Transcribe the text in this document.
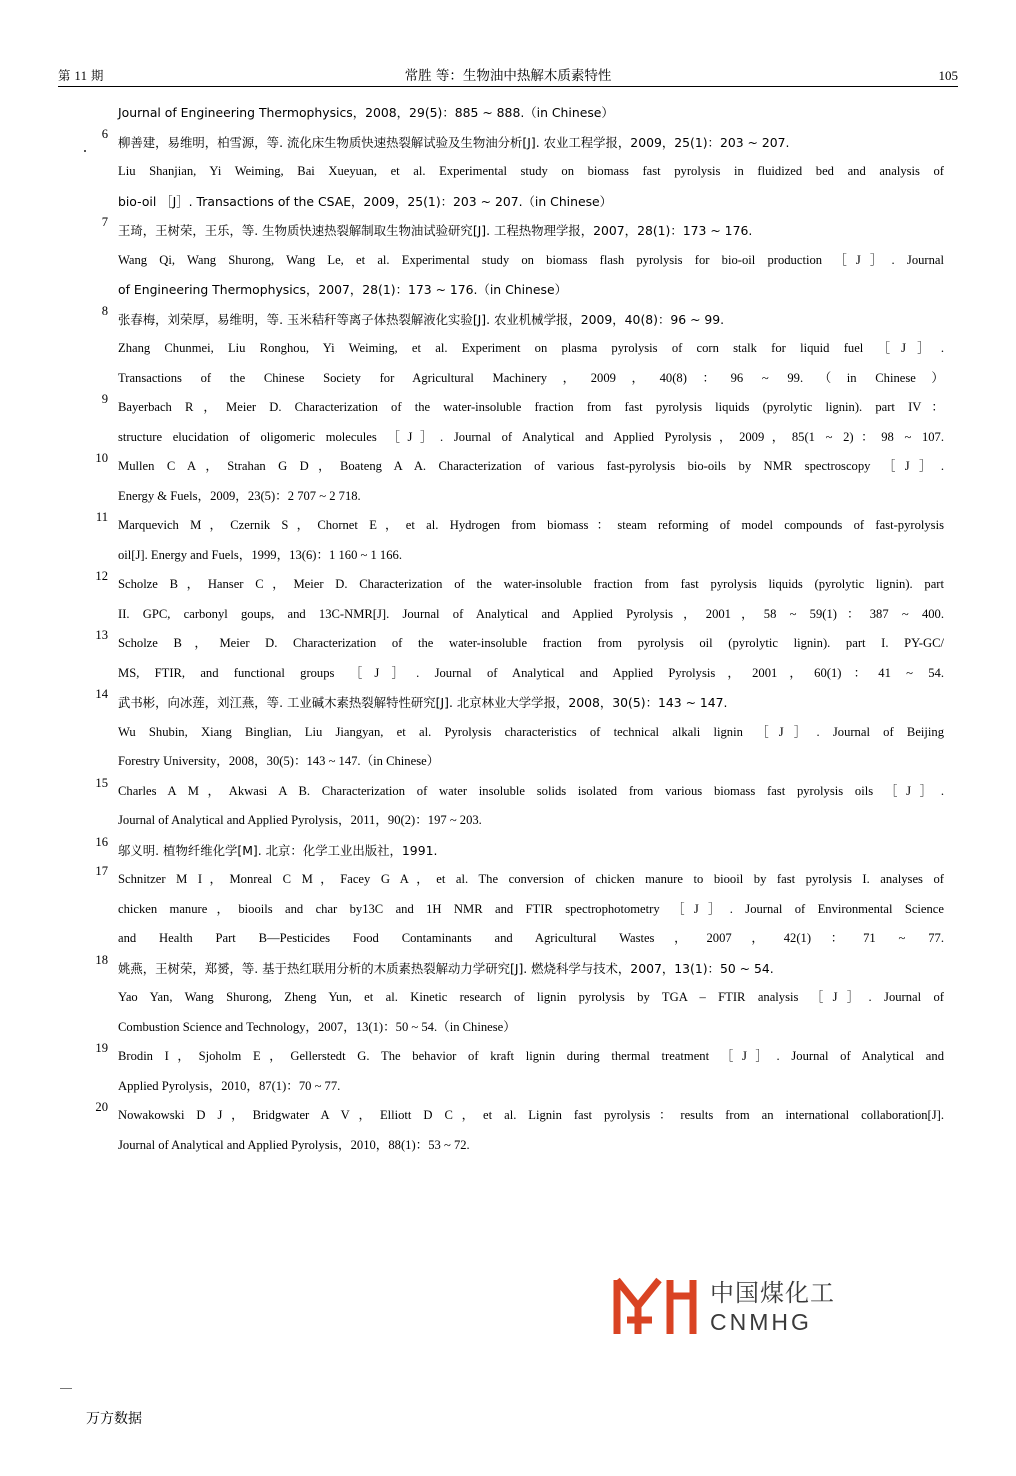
第 11 期	常胜 等：生物油中热解木质素特性	105
Journal of Engineering Thermophysics，2008，29(5)：885 ~ 888.（in Chinese）
6
柳善建，易维明，柏雪源，等. 流化床生物质快速热裂解试验及生物油分析[J]. 农业工程学报，2009，25(1)：203 ~ 207.
Liu Shanjian, Yi Weiming, Bai Xueyuan, et al. Experimental study on biomass fast pyrolysis in fluidized bed and analysis of
bio-oil ［J］. Transactions of the CSAE，2009，25(1)：203 ~ 207.（in Chinese）
7
王琦，王树荣，王乐，等. 生物质快速热裂解制取生物油试验研究[J]. 工程热物理学报，2007，28(1)：173 ~ 176.
Wang Qi, Wang Shurong, Wang Le, et al. Experimental study on biomass flash pyrolysis for bio-oil production ［J］. Journal
of Engineering Thermophysics，2007，28(1)：173 ~ 176.（in Chinese）
8
张春梅，刘荣厚，易维明，等. 玉米秸秆等离子体热裂解液化实验[J]. 农业机械学报，2009，40(8)：96 ~ 99.
Zhang Chunmei, Liu Ronghou, Yi Weiming, et al. Experiment on plasma pyrolysis of corn stalk for liquid fuel ［J］.
Transactions of the Chinese Society for Agricultural Machinery，2009，40(8)：96 ~ 99.（in Chinese）
9
Bayerbach R，Meier D. Characterization of the water-insoluble fraction from fast pyrolysis liquids (pyrolytic lignin). part IV：
structure elucidation of oligomeric molecules ［J］. Journal of Analytical and Applied Pyrolysis，2009，85(1 ~ 2)：98 ~ 107.
10
Mullen C A，Strahan G D，Boateng A A. Characterization of various fast-pyrolysis bio-oils by NMR spectroscopy ［J］.
Energy & Fuels，2009，23(5)：2 707 ~ 2 718.
11
Marquevich M，Czernik S，Chornet E，et al. Hydrogen from biomass：steam reforming of model compounds of fast-pyrolysis
oil[J]. Energy and Fuels，1999，13(6)：1 160 ~ 1 166.
12
Scholze B，Hanser C，Meier D. Characterization of the water-insoluble fraction from fast pyrolysis liquids (pyrolytic lignin). part
II. GPC, carbonyl goups, and 13C-NMR[J]. Journal of Analytical and Applied Pyrolysis，2001，58 ~ 59(1)：387 ~ 400.
13
Scholze B，Meier D. Characterization of the water-insoluble fraction from pyrolysis oil (pyrolytic lignin). part I. PY-GC/
MS, FTIR, and functional groups ［J］. Journal of Analytical and Applied Pyrolysis，2001，60(1)：41 ~ 54.
14
武书彬，向冰莲，刘江燕，等. 工业碱木素热裂解特性研究[J]. 北京林业大学学报，2008，30(5)：143 ~ 147.
Wu Shubin, Xiang Binglian, Liu Jiangyan, et al. Pyrolysis characteristics of technical alkali lignin ［J］. Journal of Beijing
Forestry University，2008，30(5)：143 ~ 147.（in Chinese）
15
Charles A M，Akwasi A B. Characterization of water insoluble solids isolated from various biomass fast pyrolysis oils ［J］.
Journal of Analytical and Applied Pyrolysis，2011，90(2)：197 ~ 203.
16
邬义明. 植物纤维化学[M]. 北京：化学工业出版社，1991.
17
Schnitzer M I，Monreal C M，Facey G A，et al. The conversion of chicken manure to biooil by fast pyrolysis I. analyses of
chicken manure，biooils and char by13C and 1H NMR and FTIR spectrophotometry ［J］. Journal of Environmental Science
and Health Part B—Pesticides Food Contaminants and Agricultural Wastes，2007，42(1)：71 ~ 77.
18
姚燕，王树荣，郑赟，等. 基于热红联用分析的木质素热裂解动力学研究[J]. 燃烧科学与技术，2007，13(1)：50 ~ 54.
Yao Yan, Wang Shurong, Zheng Yun, et al. Kinetic research of lignin pyrolysis by TGA – FTIR analysis ［J］. Journal of
Combustion Science and Technology，2007，13(1)：50 ~ 54.（in Chinese）
19
Brodin I，Sjoholm E，Gellerstedt G. The behavior of kraft lignin during thermal treatment ［J］. Journal of Analytical and
Applied Pyrolysis，2010，87(1)：70 ~ 77.
20
Nowakowski D J，Bridgwater A V，Elliott D C，et al. Lignin fast pyrolysis：results from an international collaboration[J].
Journal of Analytical and Applied Pyrolysis，2010，88(1)：53 ~ 72.
中国煤化工
CNMHG
万方数据
